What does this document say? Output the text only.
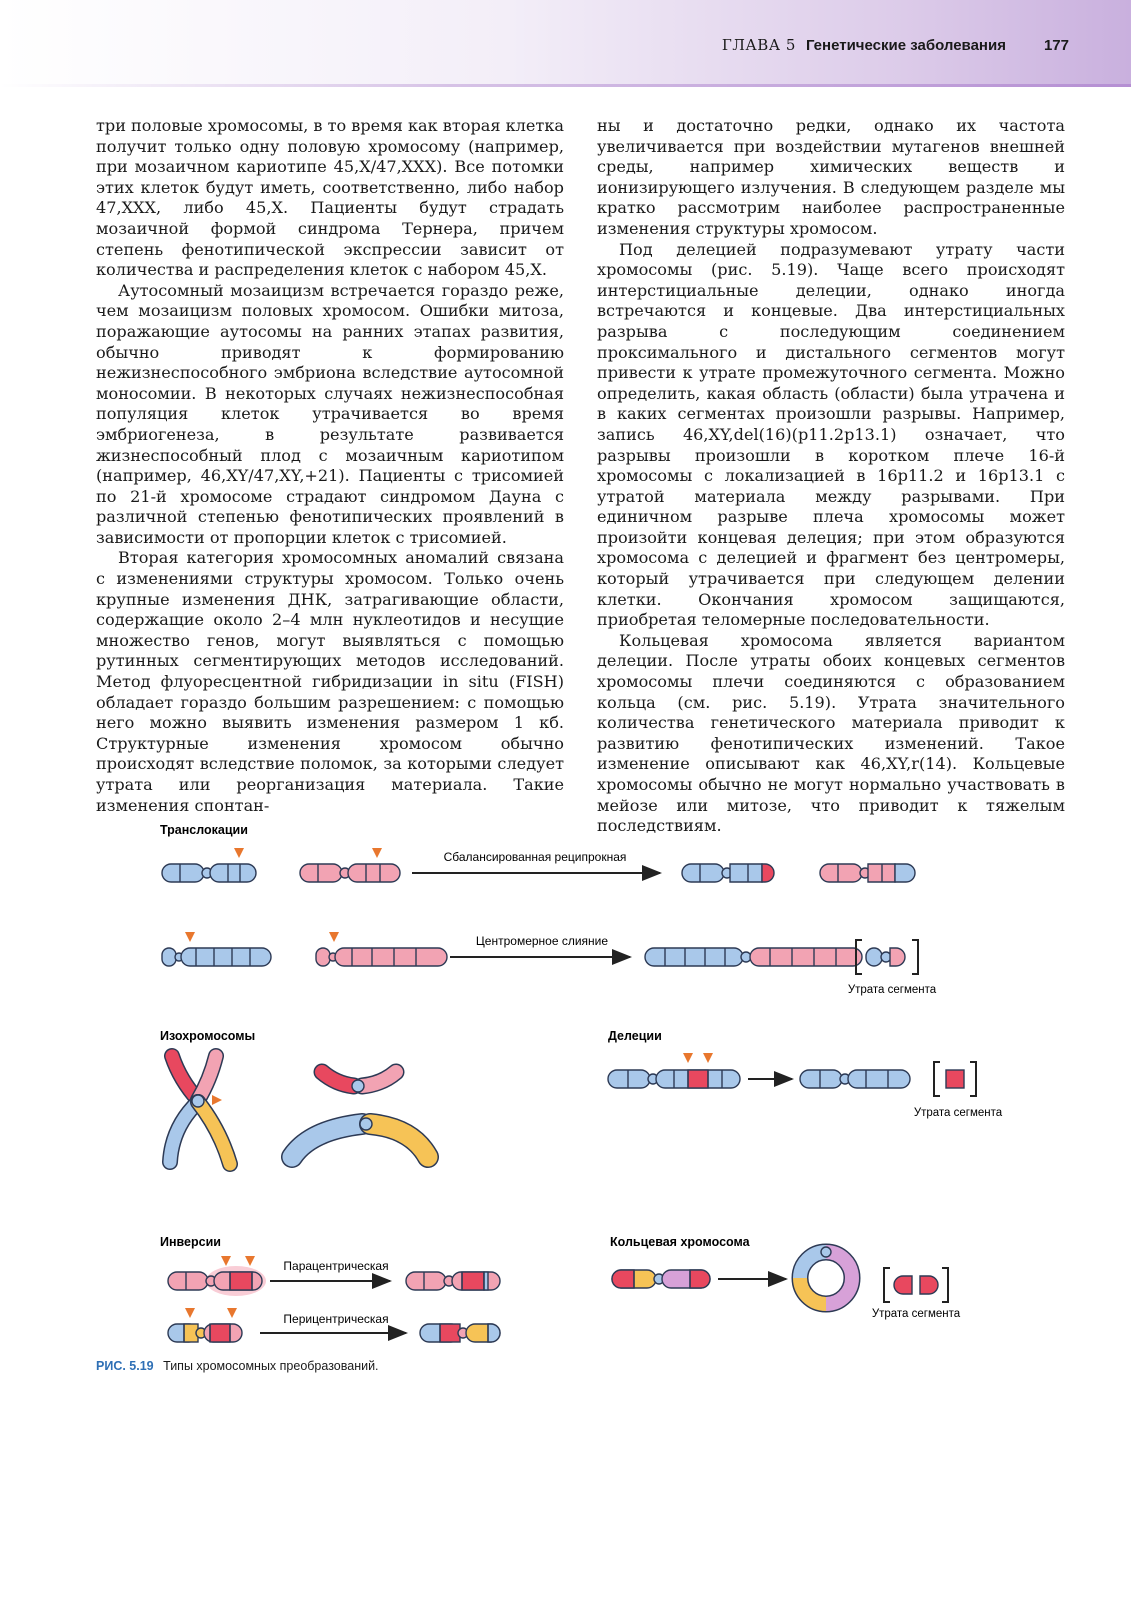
ГЛАВА 5 Генетические заболевания	177

три половые хромосомы, в то время как вторая клетка получит только одну половую хромосому (например, при мозаичном кариотипе 45,X/47,XXX). Все потомки этих клеток будут иметь, соответственно, либо набор 47,XXX, либо 45,X. Пациенты будут страдать мозаичной формой синдрома Тернера, причем степень фенотипической экспрессии зависит от количества и распределения клеток с набором 45,X.

Аутосомный мозаицизм встречается гораздо реже, чем мозаицизм половых хромосом. Ошибки митоза, поражающие аутосомы на ранних этапах развития, обычно приводят к формированию нежизнеспособного эмбриона вследствие аутосомной моносомии. В некоторых случаях нежизнеспособная популяция клеток утрачивается во время эмбриогенеза, в результате развивается жизнеспособный плод с мозаичным кариотипом (например, 46,XY/47,XY,+21). Пациенты с трисомией по 21-й хромосоме страдают синдромом Дауна с различной степенью фенотипических проявлений в зависимости от пропорции клеток с трисомией.

Вторая категория хромосомных аномалий связана с изменениями структуры хромосом. Только очень крупные изменения ДНК, затрагивающие области, содержащие около 2–4 млн нуклеотидов и несущие множество генов, могут выявляться с помощью рутинных сегментирующих методов исследований. Метод флуоресцентной гибридизации in situ (FISH) обладает гораздо большим разрешением: с помощью него можно выявить изменения размером 1 кб. Структурные изменения хромосом обычно происходят вследствие поломок, за которыми следует утрата или реорганизация материала. Такие изменения спонтан-

ны и достаточно редки, однако их частота увеличивается при воздействии мутагенов внешней среды, например химических веществ и ионизирующего излучения. В следующем разделе мы кратко рассмотрим наиболее распространенные изменения структуры хромосом.

Под делецией подразумевают утрату части хромосомы (рис. 5.19). Чаще всего происходят интерстициальные делеции, однако иногда встречаются и концевые. Два интерстициальных разрыва с последующим соединением проксимального и дистального сегментов могут привести к утрате промежуточного сегмента. Можно определить, какая область (области) была утрачена и в каких сегментах произошли разрывы. Например, запись 46,XY,del(16)(p11.2p13.1) означает, что разрывы произошли в коротком плече 16-й хромосомы с локализацией в 16p11.2 и 16p13.1 с утратой материала между разрывами. При единичном разрыве плеча хромосомы может произойти концевая делеция; при этом образуются хромосома с делецией и фрагмент без центромеры, который утрачивается при следующем делении клетки. Окончания хромосом защищаются, приобретая теломерные последовательности.

Кольцевая хромосома является вариантом делеции. После утраты обоих концевых сегментов хромосомы плечи соединяются с образованием кольца (см. рис. 5.19). Утрата значительного количества генетического материала приводит к развитию фенотипических изменений. Такое изменение описывают как 46,XY,r(14). Кольцевые хромосомы обычно не могут нормально участвовать в мейозе или митозе, что приводит к тяжелым последствиям.

Транслокации
Сбалансированная реципрокная
Центромерное слияние
Утрата сегмента
Изохромосомы	Делеции
Утрата сегмента
Инверсии
Парацентрическая
Перицентрическая
Кольцевая хромосома
Утрата сегмента
РИС. 5.19 Типы хромосомных преобразований.
